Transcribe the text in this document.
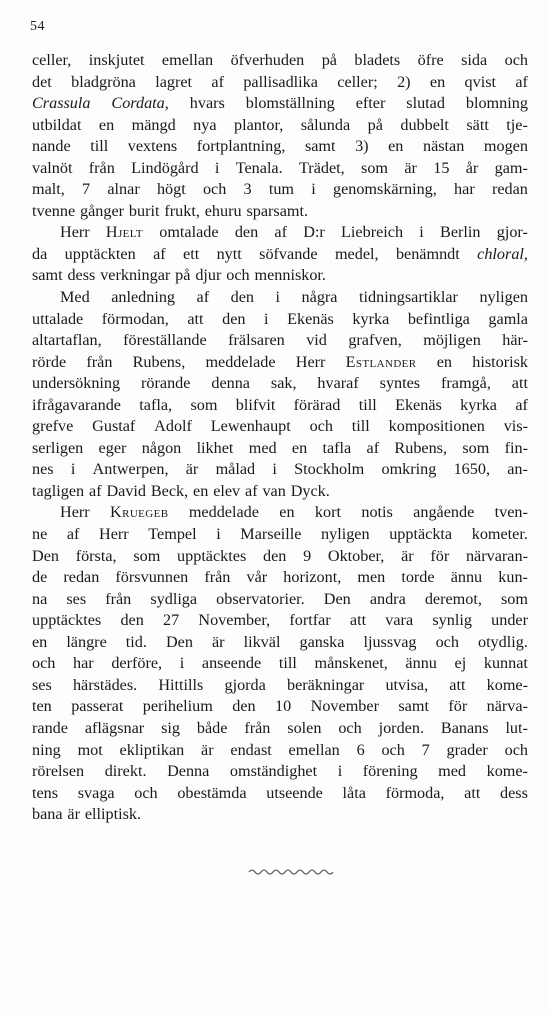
54
celler, inskjutet emellan öfverhuden på bladets öfre sida och
det bladgröna lagret af pallisadlika celler; 2) en qvist af
Crassula Cordata, hvars blomställning efter slutad blomning
utbildat en mängd nya plantor, sålunda på dubbelt sätt tje-
nande till vextens fortplantning, samt 3) en nästan mogen
valnöt från Lindögård i Tenala. Trädet, som är 15 år gam-
malt, 7 alnar högt och 3 tum i genomskärning, har redan
tvenne gånger burit frukt, ehuru sparsamt.
Herr Hjelt omtalade den af D:r Liebreich i Berlin gjor-
da upptäckten af ett nytt söfvande medel, benämndt chloral,
samt dess verkningar på djur och menniskor.
Med anledning af den i några tidningsartiklar nyligen
uttalade förmodan, att den i Ekenäs kyrka befintliga gamla
altartaflan, föreställande frälsaren vid grafven, möjligen här-
rörde från Rubens, meddelade Herr Estlander en historisk
undersökning rörande denna sak, hvaraf syntes framgå, att
ifrågavarande tafla, som blifvit förärad till Ekenäs kyrka af
grefve Gustaf Adolf Lewenhaupt och till kompositionen vis-
serligen eger någon likhet med en tafla af Rubens, som fin-
nes i Antwerpen, är målad i Stockholm omkring 1650, an-
tagligen af David Beck, en elev af van Dyck.
Herr Kruegeb meddelade en kort notis angående tven-
ne af Herr Tempel i Marseille nyligen upptäckta kometer.
Den första, som upptäcktes den 9 Oktober, är för närvaran-
de redan försvunnen från vår horizont, men torde ännu kun-
na ses från sydliga observatorier. Den andra deremot, som
upptäcktes den 27 November, fortfar att vara synlig under
en längre tid. Den är likväl ganska ljussvag och otydlig.
och har derföre, i anseende till månskenet, ännu ej kunnat
ses härstädes. Hittills gjorda beräkningar utvisa, att kome-
ten passerat perihelium den 10 November samt för närva-
rande aflägsnar sig både från solen och jorden. Banans lut-
ning mot ekliptikan är endast emellan 6 och 7 grader och
rörelsen direkt. Denna omständighet i förening med kome-
tens svaga och obestämda utseende låta förmoda, att dess
bana är elliptisk.
